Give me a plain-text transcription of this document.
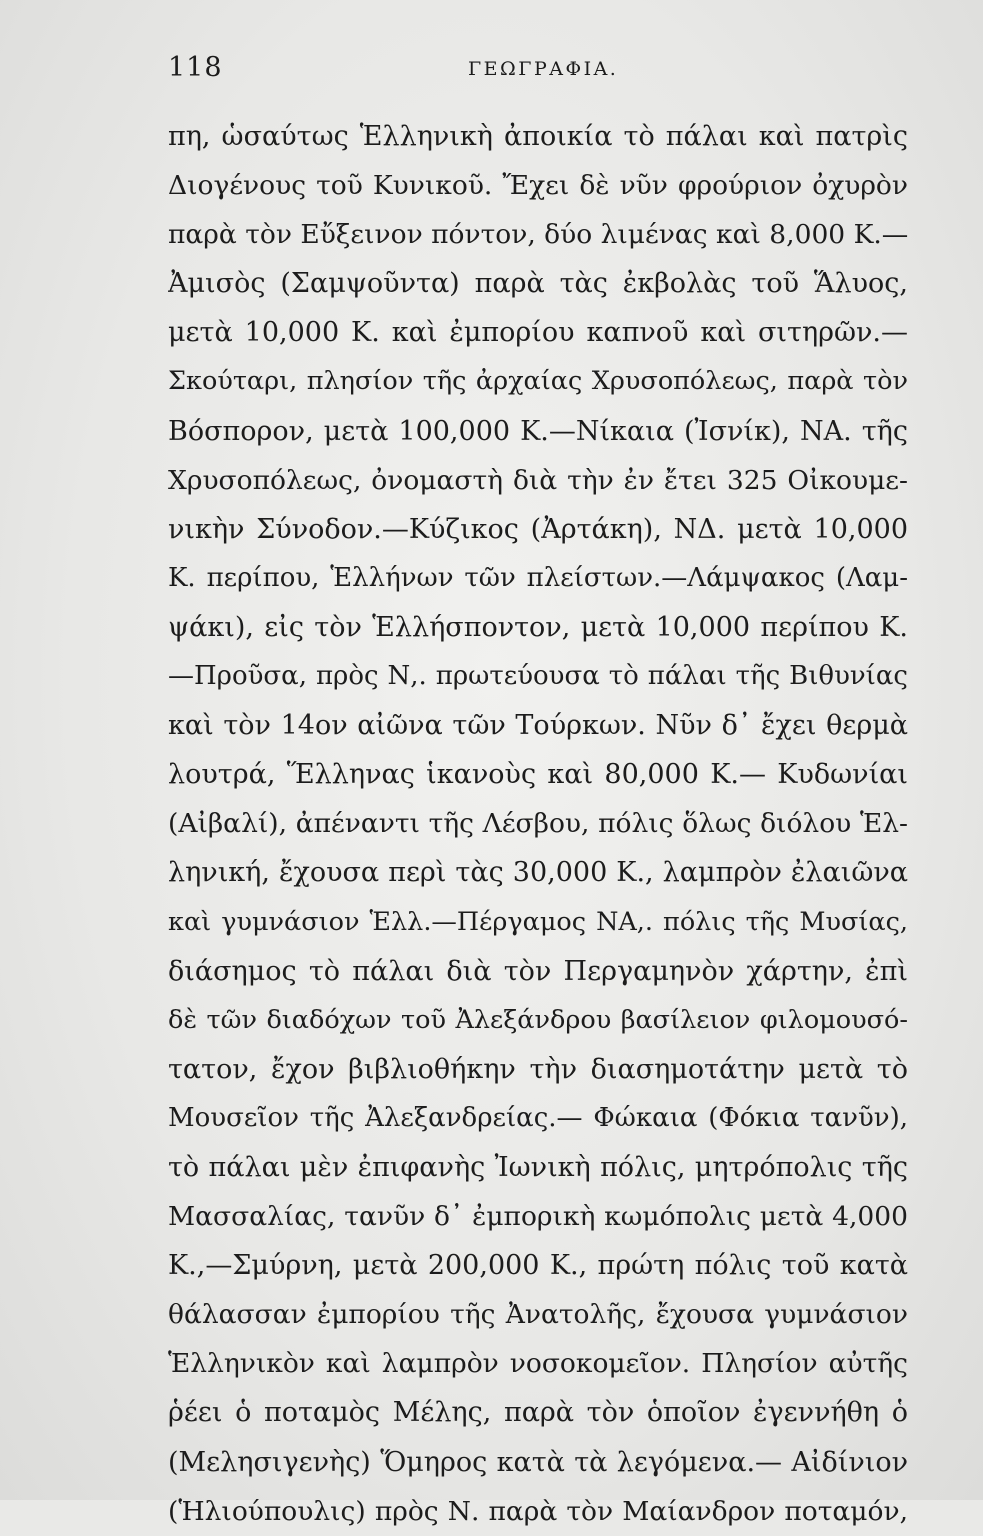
118	ΓΕΩΓΡΑΦΙΑ.
πη, ὡσαύτως Ἑλληνικὴ ἀποικία τὸ πάλαι καὶ πατρὶς
Διογένους τοῦ Κυνικοῦ. Ἔχει δὲ νῦν φρούριον ὀχυρὸν
παρὰ τὸν Εὔξεινον πόντον, δύο λιμένας καὶ 8,000 Κ.—
Ἀμισὸς (Σαμψοῦντα) παρὰ τὰς ἐκβολὰς τοῦ Ἅλυος,
μετὰ 10,000 Κ. καὶ ἐμπορίου καπνοῦ καὶ σιτηρῶν.—
Σκούταρι, πλησίον τῆς ἀρχαίας Χρυσοπόλεως, παρὰ τὸν
Βόσπορον, μετὰ 100,000 Κ.—Νίκαια (Ἰσνίκ), ΝΑ. τῆς
Χρυσοπόλεως, ὀνομαστὴ διὰ τὴν ἐν ἔτει 325 Οἰκουμε-
νικὴν Σύνοδον.—Κύζικος (Ἀρτάκη), ΝΔ. μετὰ 10,000
Κ. περίπου, Ἑλλήνων τῶν πλείστων.—Λάμψακος (Λαμ-
ψάκι), εἰς τὸν Ἑλλήσποντον, μετὰ 10,000 περίπου Κ.
—Προῦσα, πρὸς Ν,. πρωτεύουσα τὸ πάλαι τῆς Βιθυνίας
καὶ τὸν 14ον αἰῶνα τῶν Τούρκων. Νῦν δ᾽ ἔχει θερμὰ
λουτρά, Ἕλληνας ἱκανοὺς καὶ 80,000 Κ.— Κυδωνίαι
(Αἰβαλί), ἀπέναντι τῆς Λέσβου, πόλις ὅλως διόλου Ἑλ-
ληνική, ἔχουσα περὶ τὰς 30,000 Κ., λαμπρὸν ἐλαιῶνα
καὶ γυμνάσιον Ἑλλ.—Πέργαμος ΝΑ,. πόλις τῆς Μυσίας,
διάσημος τὸ πάλαι διὰ τὸν Περγαμηνὸν χάρτην, ἐπὶ
δὲ τῶν διαδόχων τοῦ Ἀλεξάνδρου βασίλειον φιλομουσό-
τατον, ἔχον βιβλιοθήκην τὴν διασημοτάτην μετὰ τὸ
Μουσεῖον τῆς Ἀλεξανδρείας.— Φώκαια (Φόκια τανῦν),
τὸ πάλαι μὲν ἐπιφανὴς Ἰωνικὴ πόλις, μητρόπολις τῆς
Μασσαλίας, τανῦν δ᾽ ἐμπορικὴ κωμόπολις μετὰ 4,000
Κ.,—Σμύρνη, μετὰ 200,000 Κ., πρώτη πόλις τοῦ κατὰ
θάλασσαν ἐμπορίου τῆς Ἀνατολῆς, ἔχουσα γυμνάσιον
Ἑλληνικὸν καὶ λαμπρὸν νοσοκομεῖον. Πλησίον αὐτῆς
ῥέει ὁ ποταμὸς Μέλης, παρὰ τὸν ὁποῖον ἐγεννήθη ὁ
(Μελησιγενὴς) Ὅμηρος κατὰ τὰ λεγόμενα.— Αἰδίνιον
(Ἡλιούπουλις) πρὸς Ν. παρὰ τὸν Μαίανδρον ποταμόν,
